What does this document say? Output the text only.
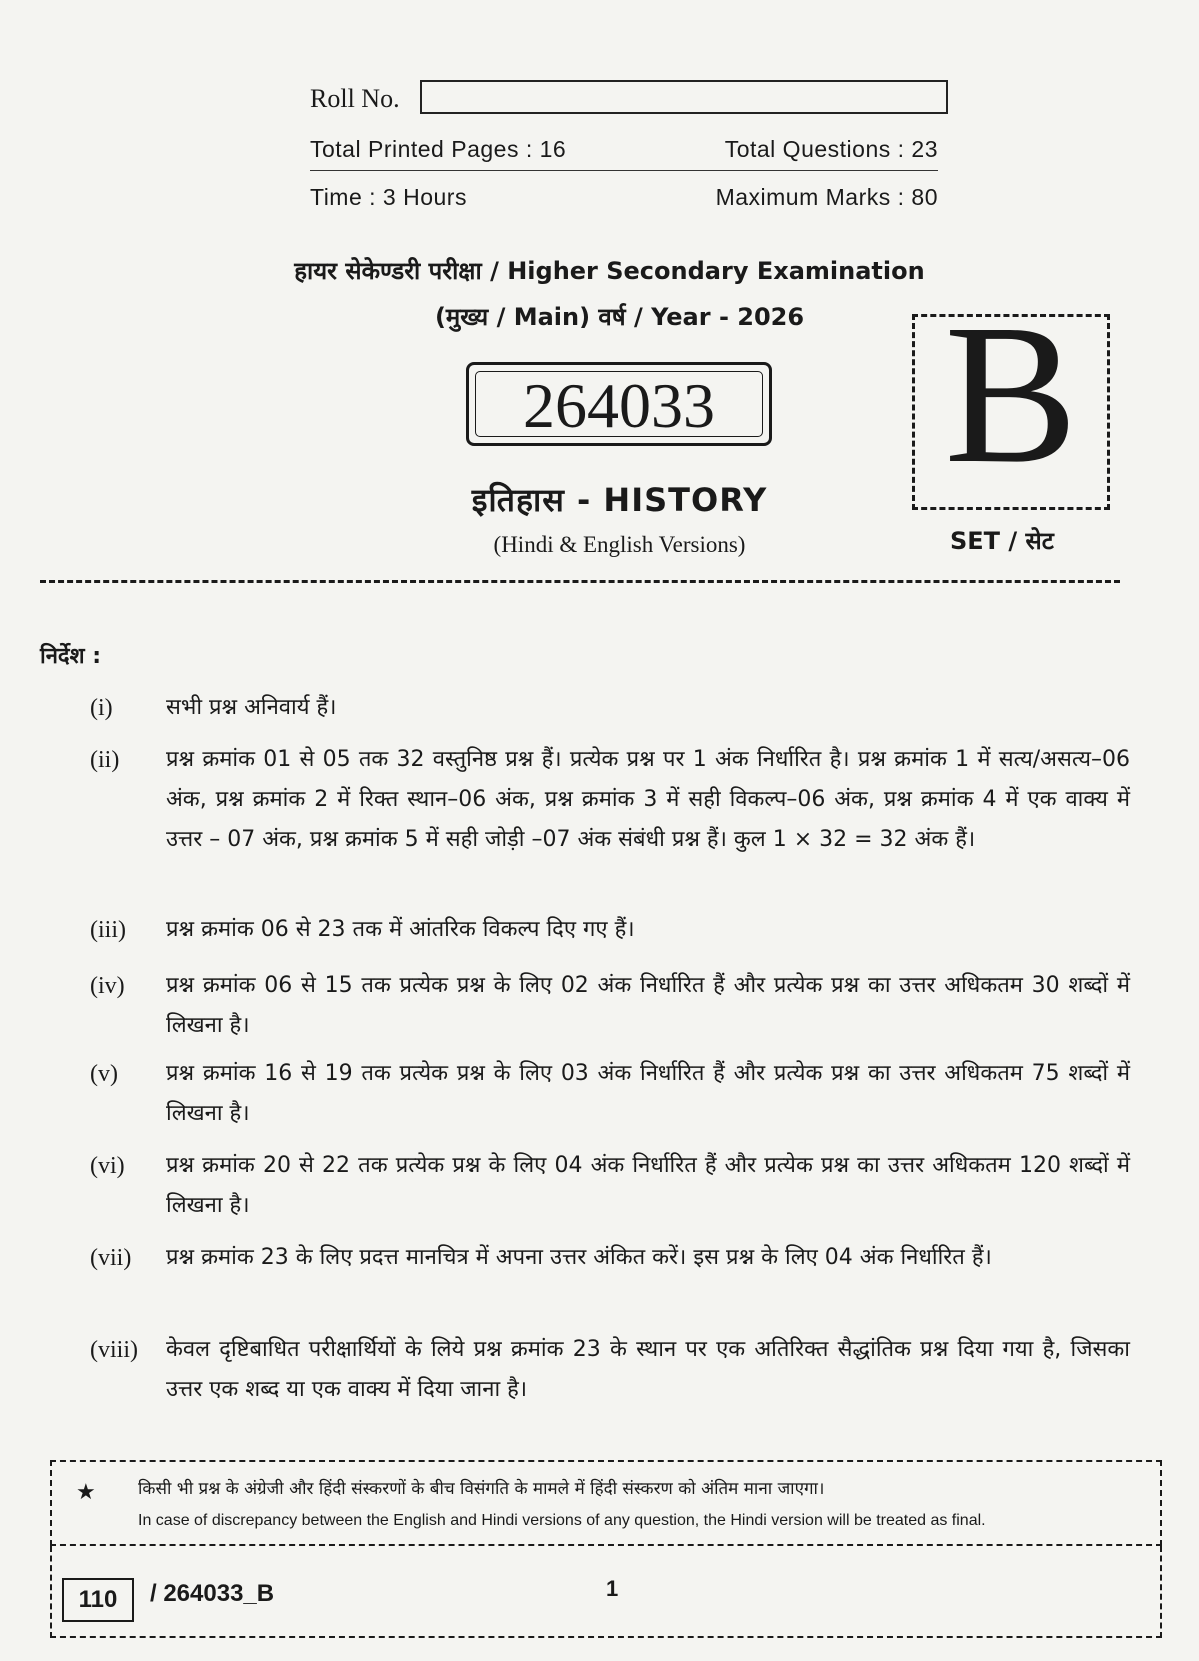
Roll No.
Total Printed Pages : 16	Total Questions : 23
Time : 3 Hours	Maximum Marks : 80
हायर सेकेण्डरी परीक्षा / Higher Secondary Examination
(मुख्य / Main) वर्ष / Year - 2026
264033 B
SET / सेट
इतिहास - HISTORY
(Hindi & English Versions)
निर्देश :
(i)	सभी प्रश्न अनिवार्य हैं।
(ii)	प्रश्न क्रमांक 01 से 05 तक 32 वस्तुनिष्ठ प्रश्न हैं। प्रत्येक प्रश्न पर 1 अंक निर्धारित है। प्रश्न क्रमांक 1 में सत्य/असत्य–06 अंक, प्रश्न क्रमांक 2 में रिक्त स्थान–06 अंक, प्रश्न क्रमांक 3 में सही विकल्प–06 अंक, प्रश्न क्रमांक 4 में एक वाक्य में उत्तर – 07 अंक, प्रश्न क्रमांक 5 में सही जोड़ी –07 अंक संबंधी प्रश्न हैं। कुल 1 × 32 = 32 अंक हैं।
(iii)	प्रश्न क्रमांक 06 से 23 तक में आंतरिक विकल्प दिए गए हैं।
(iv)	प्रश्न क्रमांक 06 से 15 तक प्रत्येक प्रश्न के लिए 02 अंक निर्धारित हैं और प्रत्येक प्रश्न का उत्तर अधिकतम 30 शब्दों में लिखना है।
(v)	प्रश्न क्रमांक 16 से 19 तक प्रत्येक प्रश्न के लिए 03 अंक निर्धारित हैं और प्रत्येक प्रश्न का उत्तर अधिकतम 75 शब्दों में लिखना है।
(vi)	प्रश्न क्रमांक 20 से 22 तक प्रत्येक प्रश्न के लिए 04 अंक निर्धारित हैं और प्रत्येक प्रश्न का उत्तर अधिकतम 120 शब्दों में लिखना है।
(vii)	प्रश्न क्रमांक 23 के लिए प्रदत्त मानचित्र में अपना उत्तर अंकित करें। इस प्रश्न के लिए 04 अंक निर्धारित हैं।
(viii)	केवल दृष्टिबाधित परीक्षार्थियों के लिये प्रश्न क्रमांक 23 के स्थान पर एक अतिरिक्त सैद्धांतिक प्रश्न दिया गया है, जिसका उत्तर एक शब्द या एक वाक्य में दिया जाना है।
★ किसी भी प्रश्न के अंग्रेजी और हिंदी संस्करणों के बीच विसंगति के मामले में हिंदी संस्करण को अंतिम माना जाएगा।
In case of discrepancy between the English and Hindi versions of any question, the Hindi version will be treated as final.
110	/ 264033_B	1
